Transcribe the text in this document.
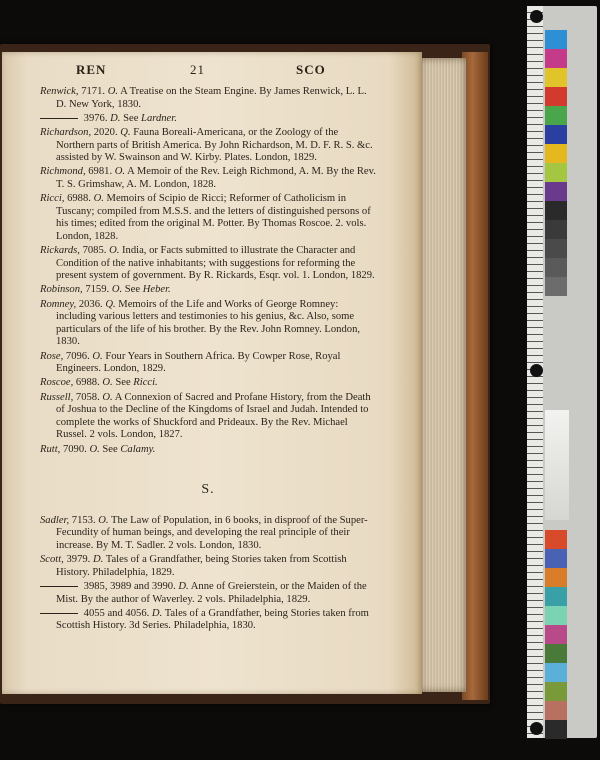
REN	21	SCO
Renwick, 7171. O. A Treatise on the Steam Engine. By James Renwick, L. L. D. New York, 1830.
3976. D. See Lardner.
Richardson, 2020. Q. Fauna Boreali-Americana, or the Zoology of the Northern parts of British America. By John Richardson, M. D. F. R. S. &c. assisted by W. Swainson and W. Kirby. Plates. London, 1829.
Richmond, 6981. O. A Memoir of the Rev. Leigh Richmond, A. M. By the Rev. T. S. Grimshaw, A. M. London, 1828.
Ricci, 6988. O. Memoirs of Scipio de Ricci; Reformer of Catholicism in Tuscany; compiled from M.S.S. and the letters of distinguished persons of his times; edited from the original M. Potter. By Thomas Roscoe. 2. vols. London, 1828.
Rickards, 7085. O. India, or Facts submitted to illustrate the Character and Condition of the native inhabitants; with suggestions for reforming the present system of government. By R. Rickards, Esqr. vol. 1. London, 1829.
Robinson, 7159. O. See Heber.
Romney, 2036. Q. Memoirs of the Life and Works of George Romney: including various letters and testimonies to his genius, &c. Also, some particulars of the life of his brother. By the Rev. John Romney. London, 1830.
Rose, 7096. O. Four Years in Southern Africa. By Cowper Rose, Royal Engineers. London, 1829.
Roscoe, 6988. O. See Ricci.
Russell, 7058. O. A Connexion of Sacred and Profane History, from the Death of Joshua to the Decline of the Kingdoms of Israel and Judah. Intended to complete the works of Shuckford and Prideaux. By the Rev. Michael Russel. 2 vols. London, 1827.
Rutt, 7090. O. See Calamy.
S.
Sadler, 7153. O. The Law of Population, in 6 books, in disproof of the Super-Fecundity of human beings, and developing the real principle of their increase. By M. T. Sadler. 2 vols. London, 1830.
Scott, 3979. D. Tales of a Grandfather, being Stories taken from Scottish History. Philadelphia, 1829.
3985, 3989 and 3990. D. Anne of Greierstein, or the Maiden of the Mist. By the author of Waverley. 2 vols. Philadelphia, 1829.
4055 and 4056. D. Tales of a Grandfather, being Stories taken from Scottish History. 3d Series. Philadelphia, 1830.
